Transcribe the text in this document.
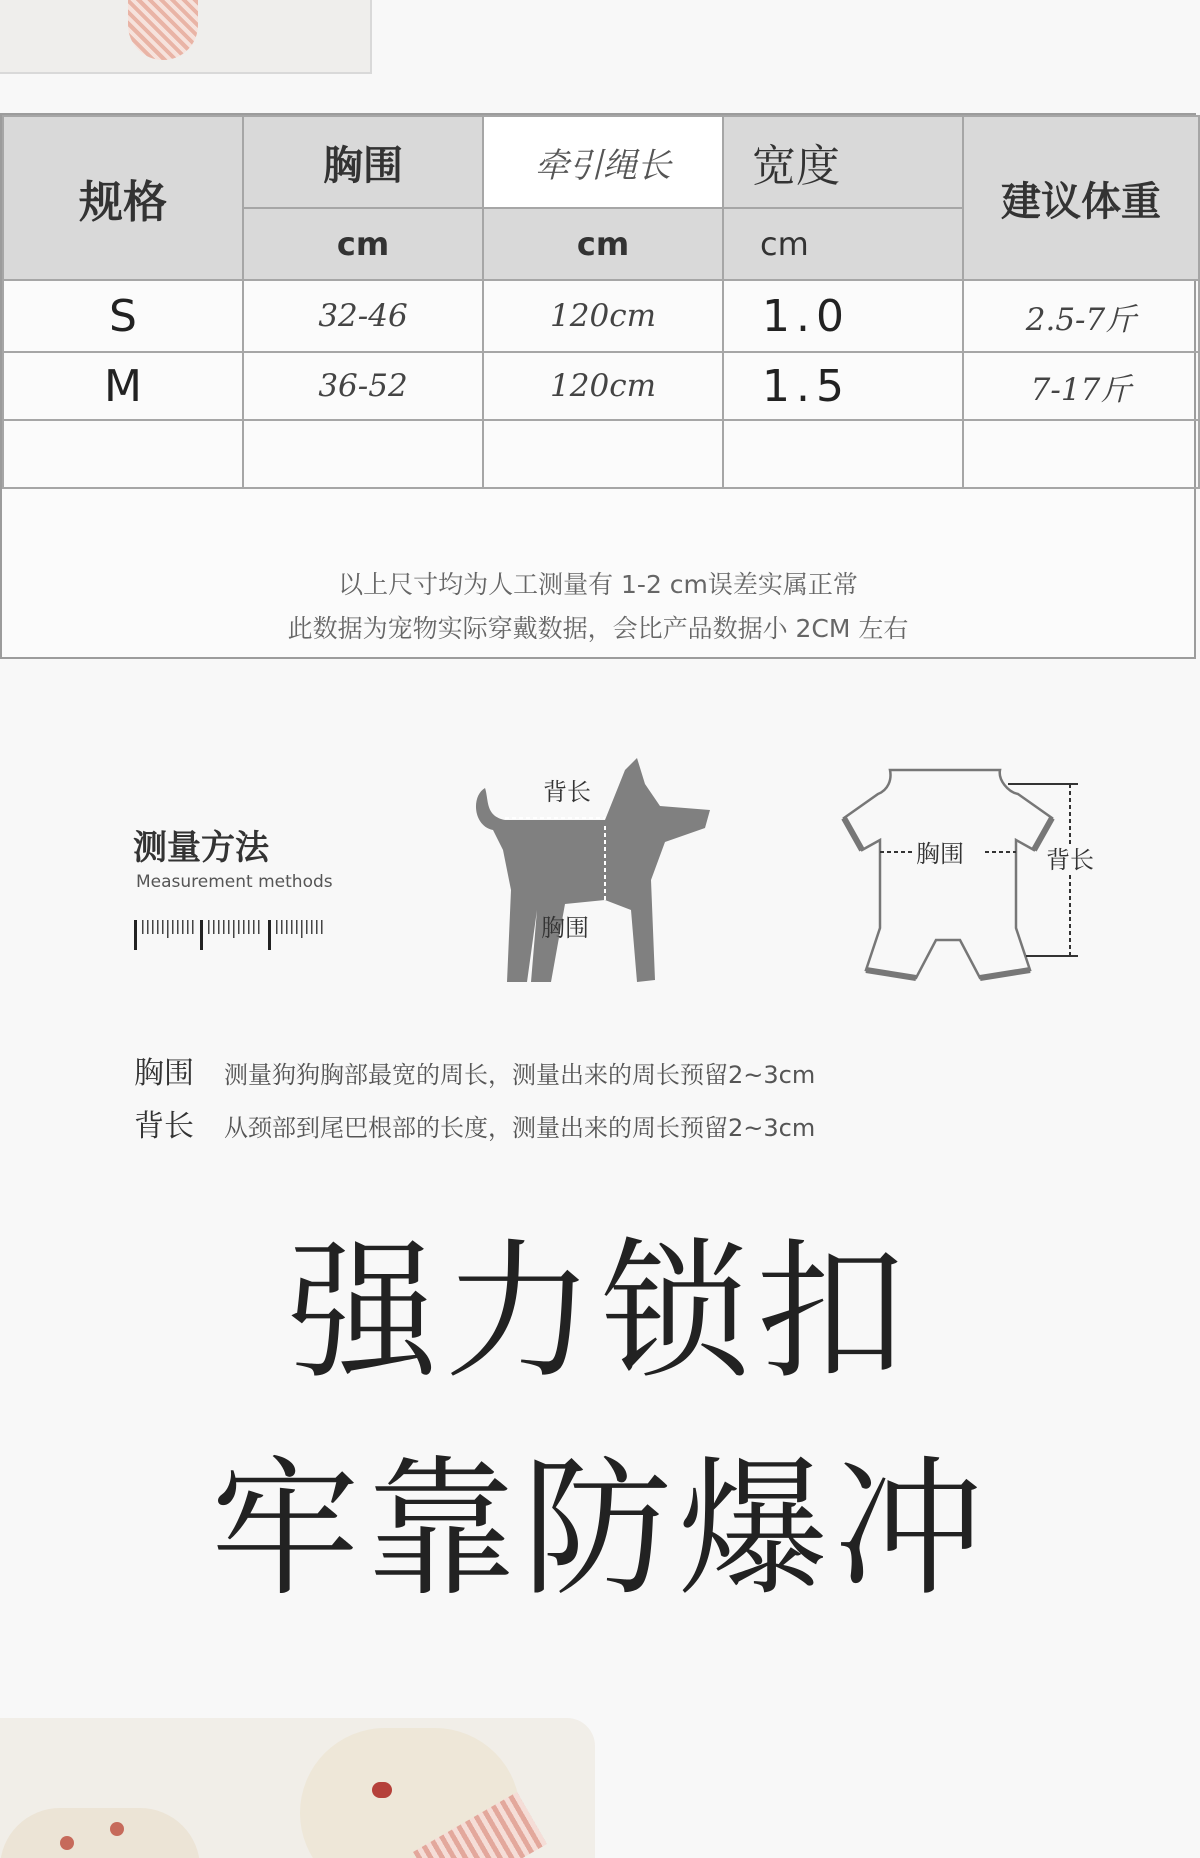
规格	胸围	牵引绳长	宽度	建议体重
	cm	cm	cm	
S	32-46	120cm	1.0	2.5-7斤
M	36-52	120cm	1.5	7-17斤

以上尺寸均为人工测量有 1-2 cm误差实属正常
此数据为宠物实际穿戴数据，会比产品数据小 2CM 左右
测量方法
Measurement methods
背长
胸围
胸围	背长
胸围 测量狗狗胸部最宽的周长，测量出来的周长预留2~3cm
背长 从颈部到尾巴根部的长度，测量出来的周长预留2~3cm
强力锁扣
牢靠防爆冲
